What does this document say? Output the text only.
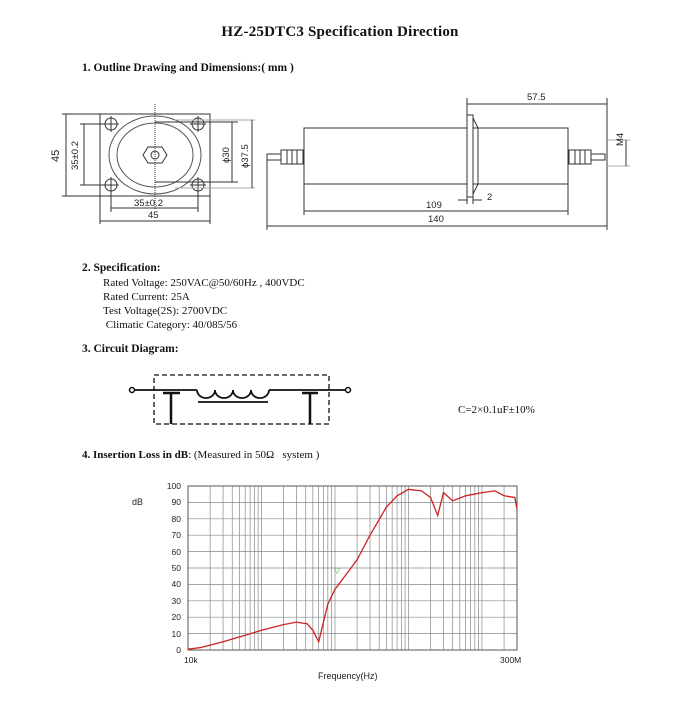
HZ-25DTC3 Specification Direction
1. Outline Drawing and Dimensions:( mm )
45 35±0.2
35±0.2
45
ϕ30 ϕ37.5
57.5
M4
2
109
140
2. Specification:
Rated Voltage: 250VAC@50/60Hz , 400VDC
Rated Current: 25A
Test Voltage(2S): 2700VDC
Climatic Category: 40/085/56
3. Circuit Diagram:
C=2×0.1uF±10%
4. Insertion Loss in dB: (Measured in 50Ω   system )
dB
100
90
80
70
60
50
40
30
20
10
0
10k	300M
Frequency(Hz)
▽
